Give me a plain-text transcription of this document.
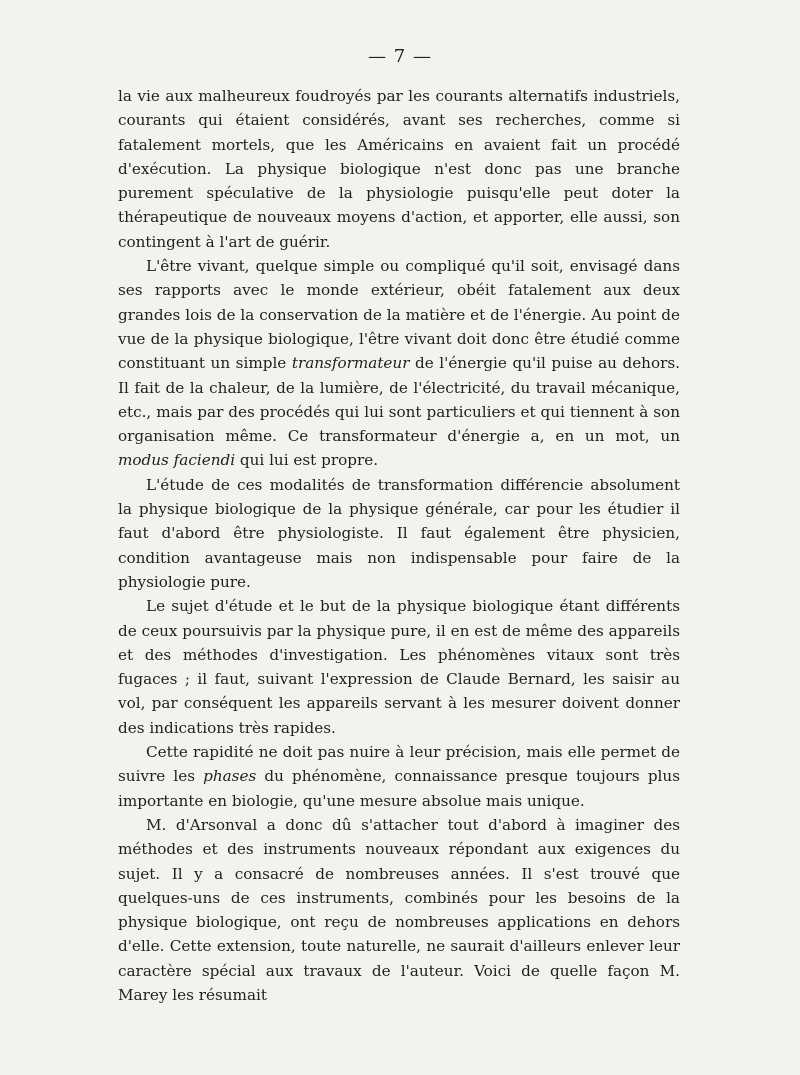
— 7 —

la vie aux malheureux foudroyés par les courants alternatifs industriels, courants qui étaient considérés, avant ses recherches, comme si fatalement mortels, que les Américains en avaient fait un procédé d'exécution. La physique biologique n'est donc pas une branche purement spéculative de la physiologie puisqu'elle peut doter la thérapeutique de nouveaux moyens d'action, et apporter, elle aussi, son contingent à l'art de guérir.

L'être vivant, quelque simple ou compliqué qu'il soit, envisagé dans ses rapports avec le monde extérieur, obéit fatalement aux deux grandes lois de la conservation de la matière et de l'énergie. Au point de vue de la physique biologique, l'être vivant doit donc être étudié comme constituant un simple transformateur de l'énergie qu'il puise au dehors. Il fait de la chaleur, de la lumière, de l'électricité, du travail mécanique, etc., mais par des procédés qui lui sont particuliers et qui tiennent à son organisation même. Ce transformateur d'énergie a, en un mot, un modus faciendi qui lui est propre.

L'étude de ces modalités de transformation différencie absolument la physique biologique de la physique générale, car pour les étudier il faut d'abord être physiologiste. Il faut également être physicien, condition avantageuse mais non indispensable pour faire de la physiologie pure.

Le sujet d'étude et le but de la physique biologique étant différents de ceux poursuivis par la physique pure, il en est de même des appareils et des méthodes d'investigation. Les phénomènes vitaux sont très fugaces ; il faut, suivant l'expression de Claude Bernard, les saisir au vol, par conséquent les appareils servant à les mesurer doivent donner des indications très rapides.

Cette rapidité ne doit pas nuire à leur précision, mais elle permet de suivre les phases du phénomène, connaissance presque toujours plus importante en biologie, qu'une mesure absolue mais unique.

M. d'Arsonval a donc dû s'attacher tout d'abord à imaginer des méthodes et des instruments nouveaux répondant aux exigences du sujet. Il y a consacré de nombreuses années. Il s'est trouvé que quelques-uns de ces instruments, combinés pour les besoins de la physique biologique, ont reçu de nombreuses applications en dehors d'elle. Cette extension, toute naturelle, ne saurait d'ailleurs enlever leur caractère spécial aux travaux de l'auteur. Voici de quelle façon M. Marey les résumait
